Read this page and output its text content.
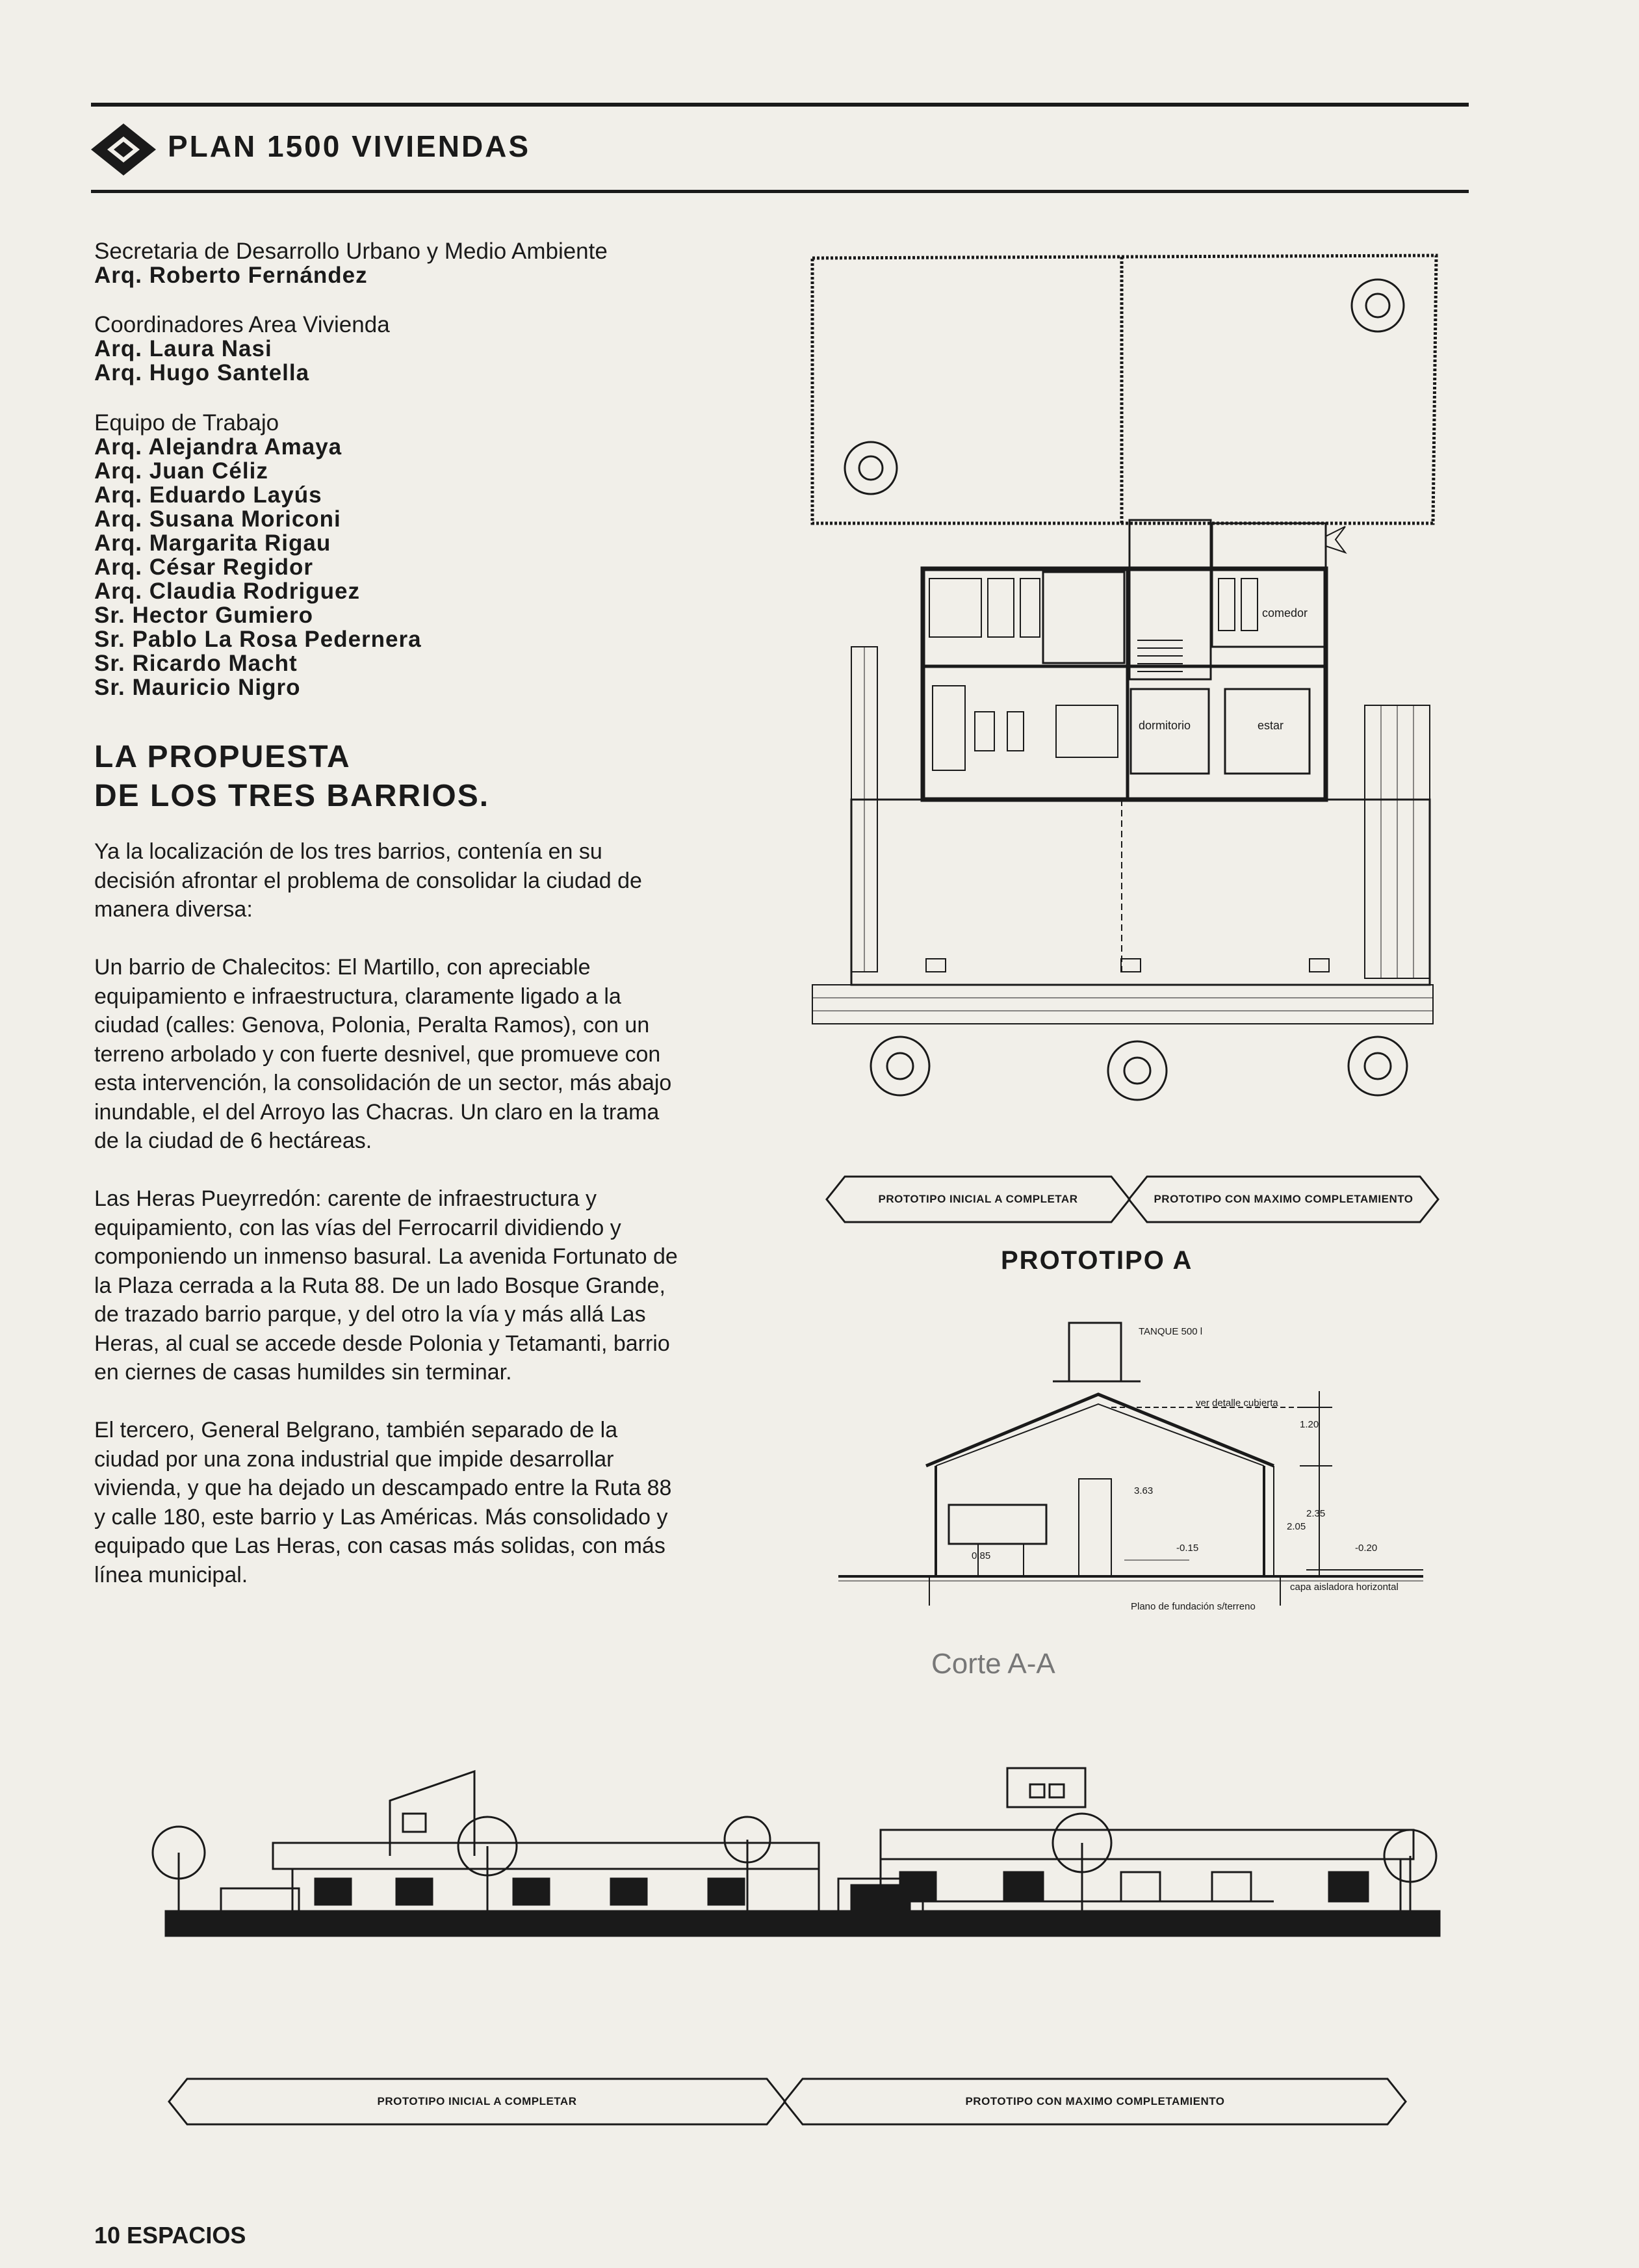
PLAN 1500 VIVIENDAS
Secretaria de Desarrollo Urbano y Medio Ambiente
Arq. Roberto Fernández
Coordinadores Area Vivienda
Arq. Laura Nasi
Arq. Hugo Santella
Equipo de Trabajo
Arq. Alejandra Amaya
Arq. Juan Céliz
Arq. Eduardo Layús
Arq. Susana Moriconi
Arq. Margarita Rigau
Arq. César Regidor
Arq. Claudia Rodriguez
Sr. Hector Gumiero
Sr. Pablo La Rosa Pedernera
Sr. Ricardo Macht
Sr. Mauricio Nigro
LA PROPUESTA
DE LOS TRES BARRIOS.
Ya la localización de los tres barrios, contenía en su
decisión afrontar el problema de consolidar la ciudad de
manera diversa:
Un barrio de Chalecitos: El Martillo, con apreciable
equipamiento e infraestructura, claramente ligado a la
ciudad (calles: Genova, Polonia, Peralta Ramos), con un
terreno arbolado y con fuerte desnivel, que promueve con
esta intervención, la consolidación de un sector, más abajo
inundable, el del Arroyo las Chacras. Un claro en la trama
de la ciudad de 6 hectáreas.
Las Heras Pueyrredón: carente de infraestructura y
equipamiento, con las vías del Ferrocarril dividiendo y
componiendo un inmenso basural. La avenida Fortunato de
la Plaza cerrada a la Ruta 88. De un lado Bosque Grande,
de trazado barrio parque, y del otro la vía y más allá Las
Heras, al cual se accede desde Polonia y Tetamanti, barrio
en ciernes de casas humildes sin terminar.
El tercero, General Belgrano, también separado de la
ciudad por una zona industrial que impide desarrollar
vivienda, y que ha dejado un descampado entre la Ruta 88
y calle 180, este barrio y Las Américas. Más consolidado y
equipado que Las Heras, con casas más solidas, con más
línea municipal.
comedor
dormitorio	estar
PROTOTIPO INICIAL A COMPLETAR	PROTOTIPO CON MAXIMO COMPLETAMIENTO
PROTOTIPO A
TANQUE 500 l
ver detalle cubierta
Plano de fundación s/terreno
capa aisladora horizontal
1.20
3.63
2.05
2.35
0.85
-0.15	-0.20
Corte A-A
PROTOTIPO INICIAL A COMPLETAR	PROTOTIPO CON MAXIMO COMPLETAMIENTO
10 ESPACIOS
